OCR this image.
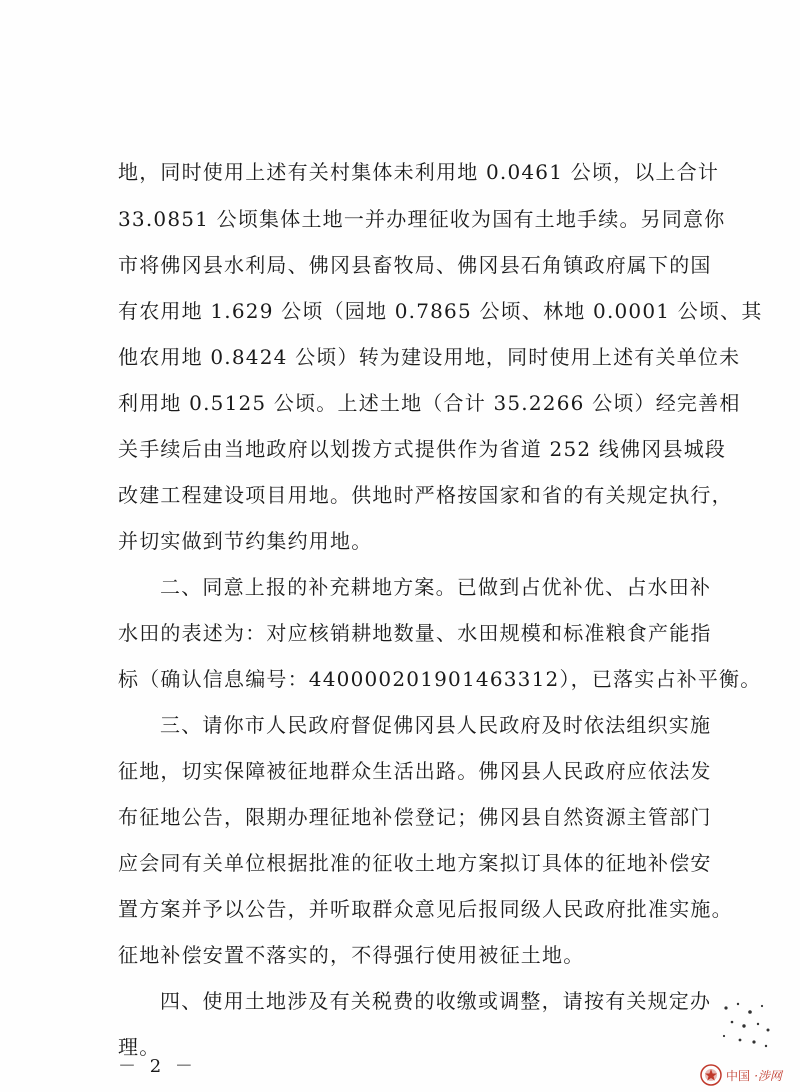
地，同时使用上述有关村集体未利用地 0.0461 公顷，以上合计
33.0851 公顷集体土地一并办理征收为国有土地手续。另同意你
市将佛冈县水利局、佛冈县畜牧局、佛冈县石角镇政府属下的国
有农用地 1.629 公顷（园地 0.7865 公顷、林地 0.0001 公顷、其
他农用地 0.8424 公顷）转为建设用地，同时使用上述有关单位未
利用地 0.5125 公顷。上述土地（合计 35.2266 公顷）经完善相
关手续后由当地政府以划拨方式提供作为省道 252 线佛冈县城段
改建工程建设项目用地。供地时严格按国家和省的有关规定执行，
并切实做到节约集约用地。
二、同意上报的补充耕地方案。已做到占优补优、占水田补
水田的表述为：对应核销耕地数量、水田规模和标准粮食产能指
标（确认信息编号：440000201901463312），已落实占补平衡。
三、请你市人民政府督促佛冈县人民政府及时依法组织实施
征地，切实保障被征地群众生活出路。佛冈县人民政府应依法发
布征地公告，限期办理征地补偿登记；佛冈县自然资源主管部门
应会同有关单位根据批准的征收土地方案拟订具体的征地补偿安
置方案并予以公告，并听取群众意见后报同级人民政府批准实施。
征地补偿安置不落实的，不得强行使用被征土地。
四、使用土地涉及有关税费的收缴或调整，请按有关规定办
理。
－ 2 －	中国 ·涉网
